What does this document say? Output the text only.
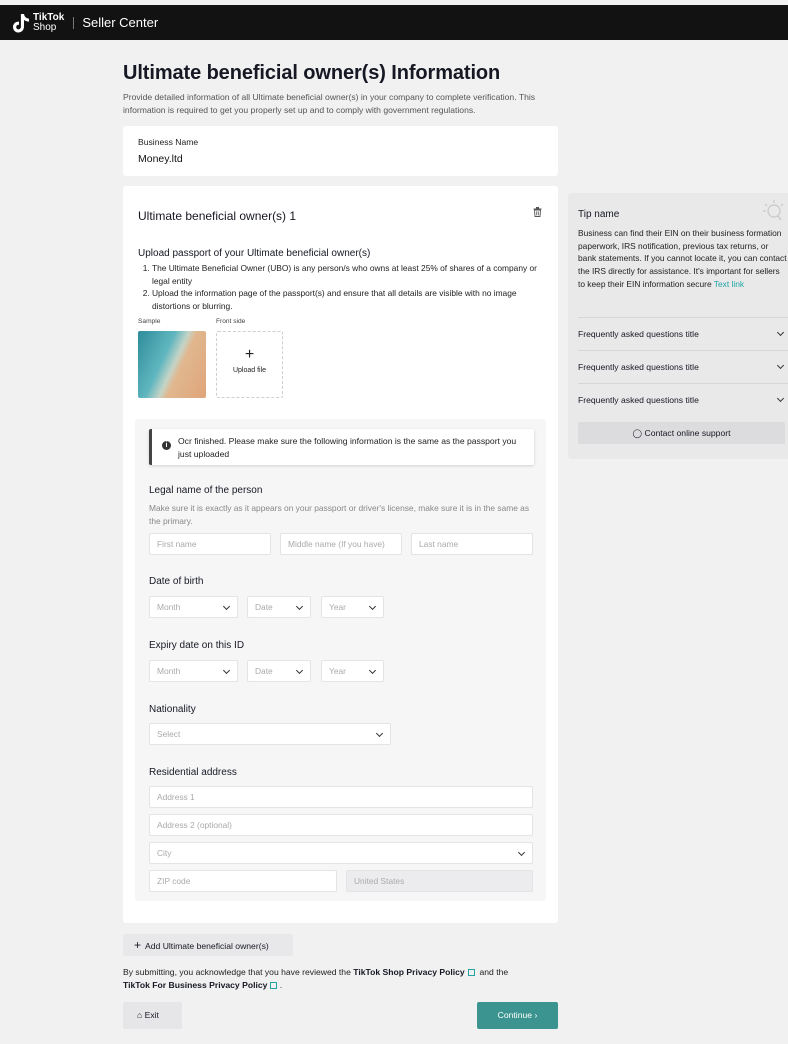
TikTok
Shop	Seller Center
Ultimate beneficial owner(s) Information
Provide detailed information of all Ultimate beneficial owner(s) in your company to complete verification. This information is required to get you properly set up and to comply with government regulations.
Business Name
Money.ltd
Ultimate beneficial owner(s) 1
Upload passport of your Ultimate beneficial owner(s)
1. The Ultimate Beneficial Owner (UBO) is any person/s who owns at least 25% of shares of a company or legal entity
2. Upload the information page of the passport(s) and ensure that all details are visible with no image distortions or blurring.
Sample	Front side
+
Upload file
i	Ocr finished. Please make sure the following information is the same as the passport you just uploaded
Legal name of the person
Make sure it is exactly as it appears on your passport or driver's license, make sure it is in the same as the primary.
First name	Middle name (If you have)	Last name
Date of birth
Month	Date	Year
Expiry date on this ID
Month	Date	Year
Nationality
Select
Residential address
Address 1
Address 2 (optional)
City
ZIP code	United States
+ Add Ultimate beneficial owner(s)
By submitting, you acknowledge that you have reviewed the TikTok Shop Privacy Policy and the
TikTok For Business Privacy Policy .
⌂ Exit	Continue ›
Tip name
Business can find their EIN on their business formation paperwork, IRS notification, previous tax returns, or bank statements. If you cannot locate it, you can contact the IRS directly for assistance. It's important for sellers to keep their EIN information secure Text link
Frequently asked questions title
Frequently asked questions title
Frequently asked questions title
◯ Contact online support
